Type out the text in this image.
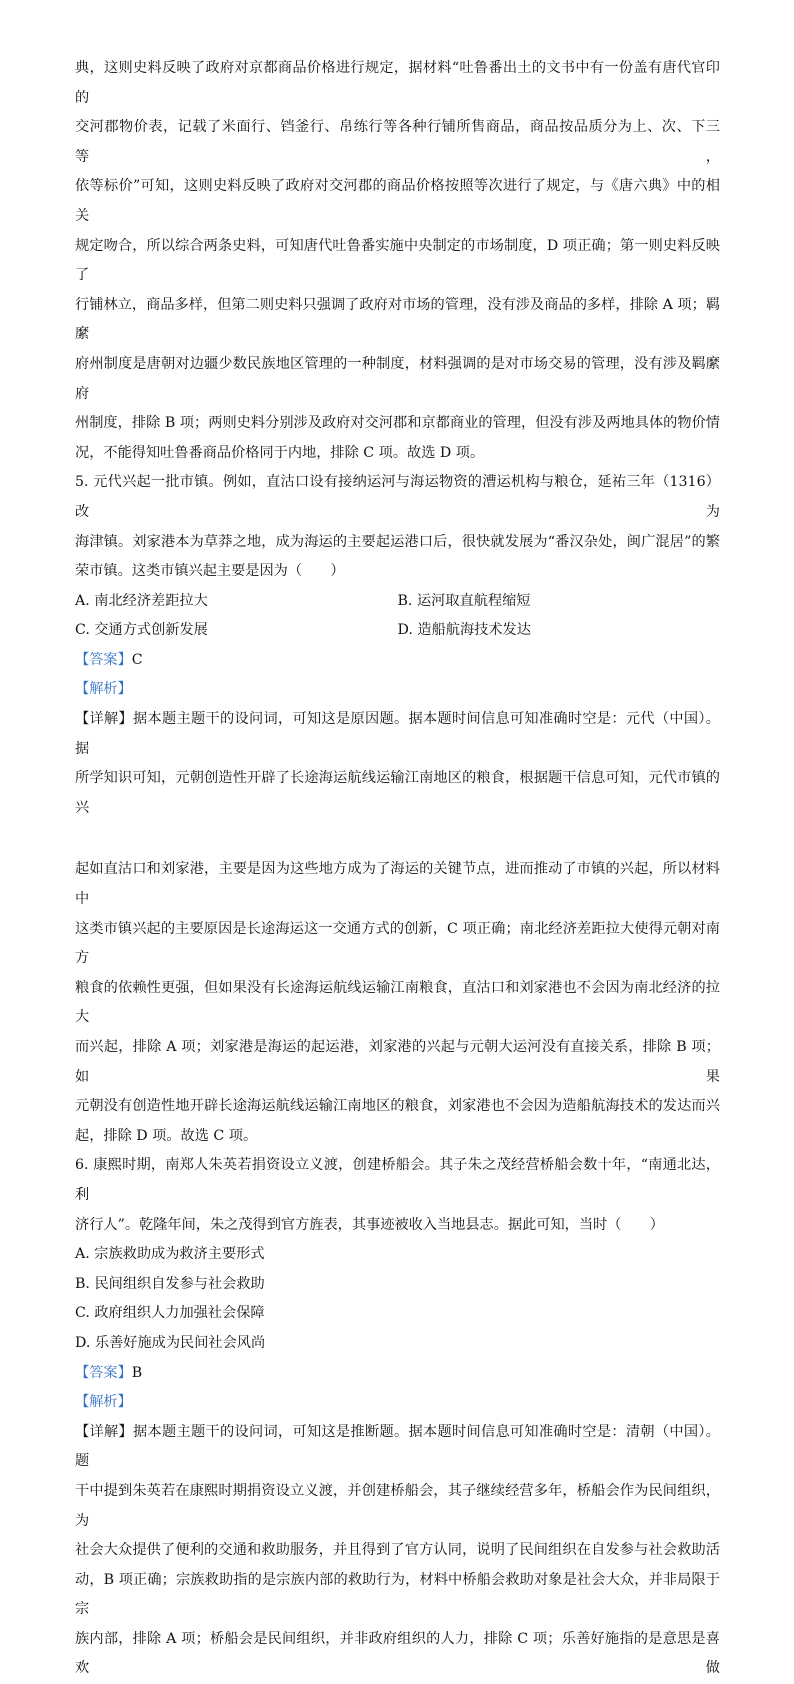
典，这则史料反映了政府对京都商品价格进行规定，据材料“吐鲁番出土的文书中有一份盖有唐代官印的

交河郡物价表，记载了米面行、铛釜行、帛练行等各种行铺所售商品，商品按品质分为上、次、下三等，

依等标价”可知，这则史料反映了政府对交河郡的商品价格按照等次进行了规定，与《唐六典》中的相关

规定吻合，所以综合两条史料，可知唐代吐鲁番实施中央制定的市场制度，D 项正确；第一则史料反映了

行铺林立，商品多样，但第二则史料只强调了政府对市场的管理，没有涉及商品的多样，排除 A 项；羁縻

府州制度是唐朝对边疆少数民族地区管理的一种制度，材料强调的是对市场交易的管理，没有涉及羁縻府

州制度，排除 B 项；两则史料分别涉及政府对交河郡和京都商业的管理，但没有涉及两地具体的物价情

况，不能得知吐鲁番商品价格同于内地，排除 C 项。故选 D 项。

5. 元代兴起一批市镇。例如，直沽口设有接纳运河与海运物资的漕运机构与粮仓，延祐三年（1316）改为

海津镇。刘家港本为草莽之地，成为海运的主要起运港口后，很快就发展为“番汉杂处，闽广混居”的繁

荣市镇。这类市镇兴起主要是因为（　　）

A. 南北经济差距拉大	B. 运河取直航程缩短
C. 交通方式创新发展	D. 造船航海技术发达

【答案】C

【解析】

【详解】据本题主题干的设问词，可知这是原因题。据本题时间信息可知准确时空是：元代（中国）。据

所学知识可知，元朝创造性开辟了长途海运航线运输江南地区的粮食，根据题干信息可知，元代市镇的兴

起如直沽口和刘家港，主要是因为这些地方成为了海运的关键节点，进而推动了市镇的兴起，所以材料中

这类市镇兴起的主要原因是长途海运这一交通方式的创新，C 项正确；南北经济差距拉大使得元朝对南方

粮食的依赖性更强，但如果没有长途海运航线运输江南粮食，直沽口和刘家港也不会因为南北经济的拉大

而兴起，排除 A 项；刘家港是海运的起运港，刘家港的兴起与元朝大运河没有直接关系，排除 B 项；如果

元朝没有创造性地开辟长途海运航线运输江南地区的粮食，刘家港也不会因为造船航海技术的发达而兴

起，排除 D 项。故选 C 项。

6. 康熙时期，南郑人朱英若捐资设立义渡，创建桥船会。其子朱之茂经营桥船会数十年，“南通北达，利

济行人”。乾隆年间，朱之茂得到官方旌表，其事迹被收入当地县志。据此可知，当时（　　）

A. 宗族救助成为救济主要形式

B. 民间组织自发参与社会救助

C. 政府组织人力加强社会保障

D. 乐善好施成为民间社会风尚

【答案】B

【解析】

【详解】据本题主题干的设问词，可知这是推断题。据本题时间信息可知准确时空是：清朝（中国）。题

干中提到朱英若在康熙时期捐资设立义渡，并创建桥船会，其子继续经营多年，桥船会作为民间组织，为

社会大众提供了便利的交通和救助服务，并且得到了官方认同，说明了民间组织在自发参与社会救助活

动，B 项正确；宗族救助指的是宗族内部的救助行为，材料中桥船会救助对象是社会大众，并非局限于宗

族内部，排除 A 项；桥船会是民间组织，并非政府组织的人力，排除 C 项；乐善好施指的是意思是喜欢做
